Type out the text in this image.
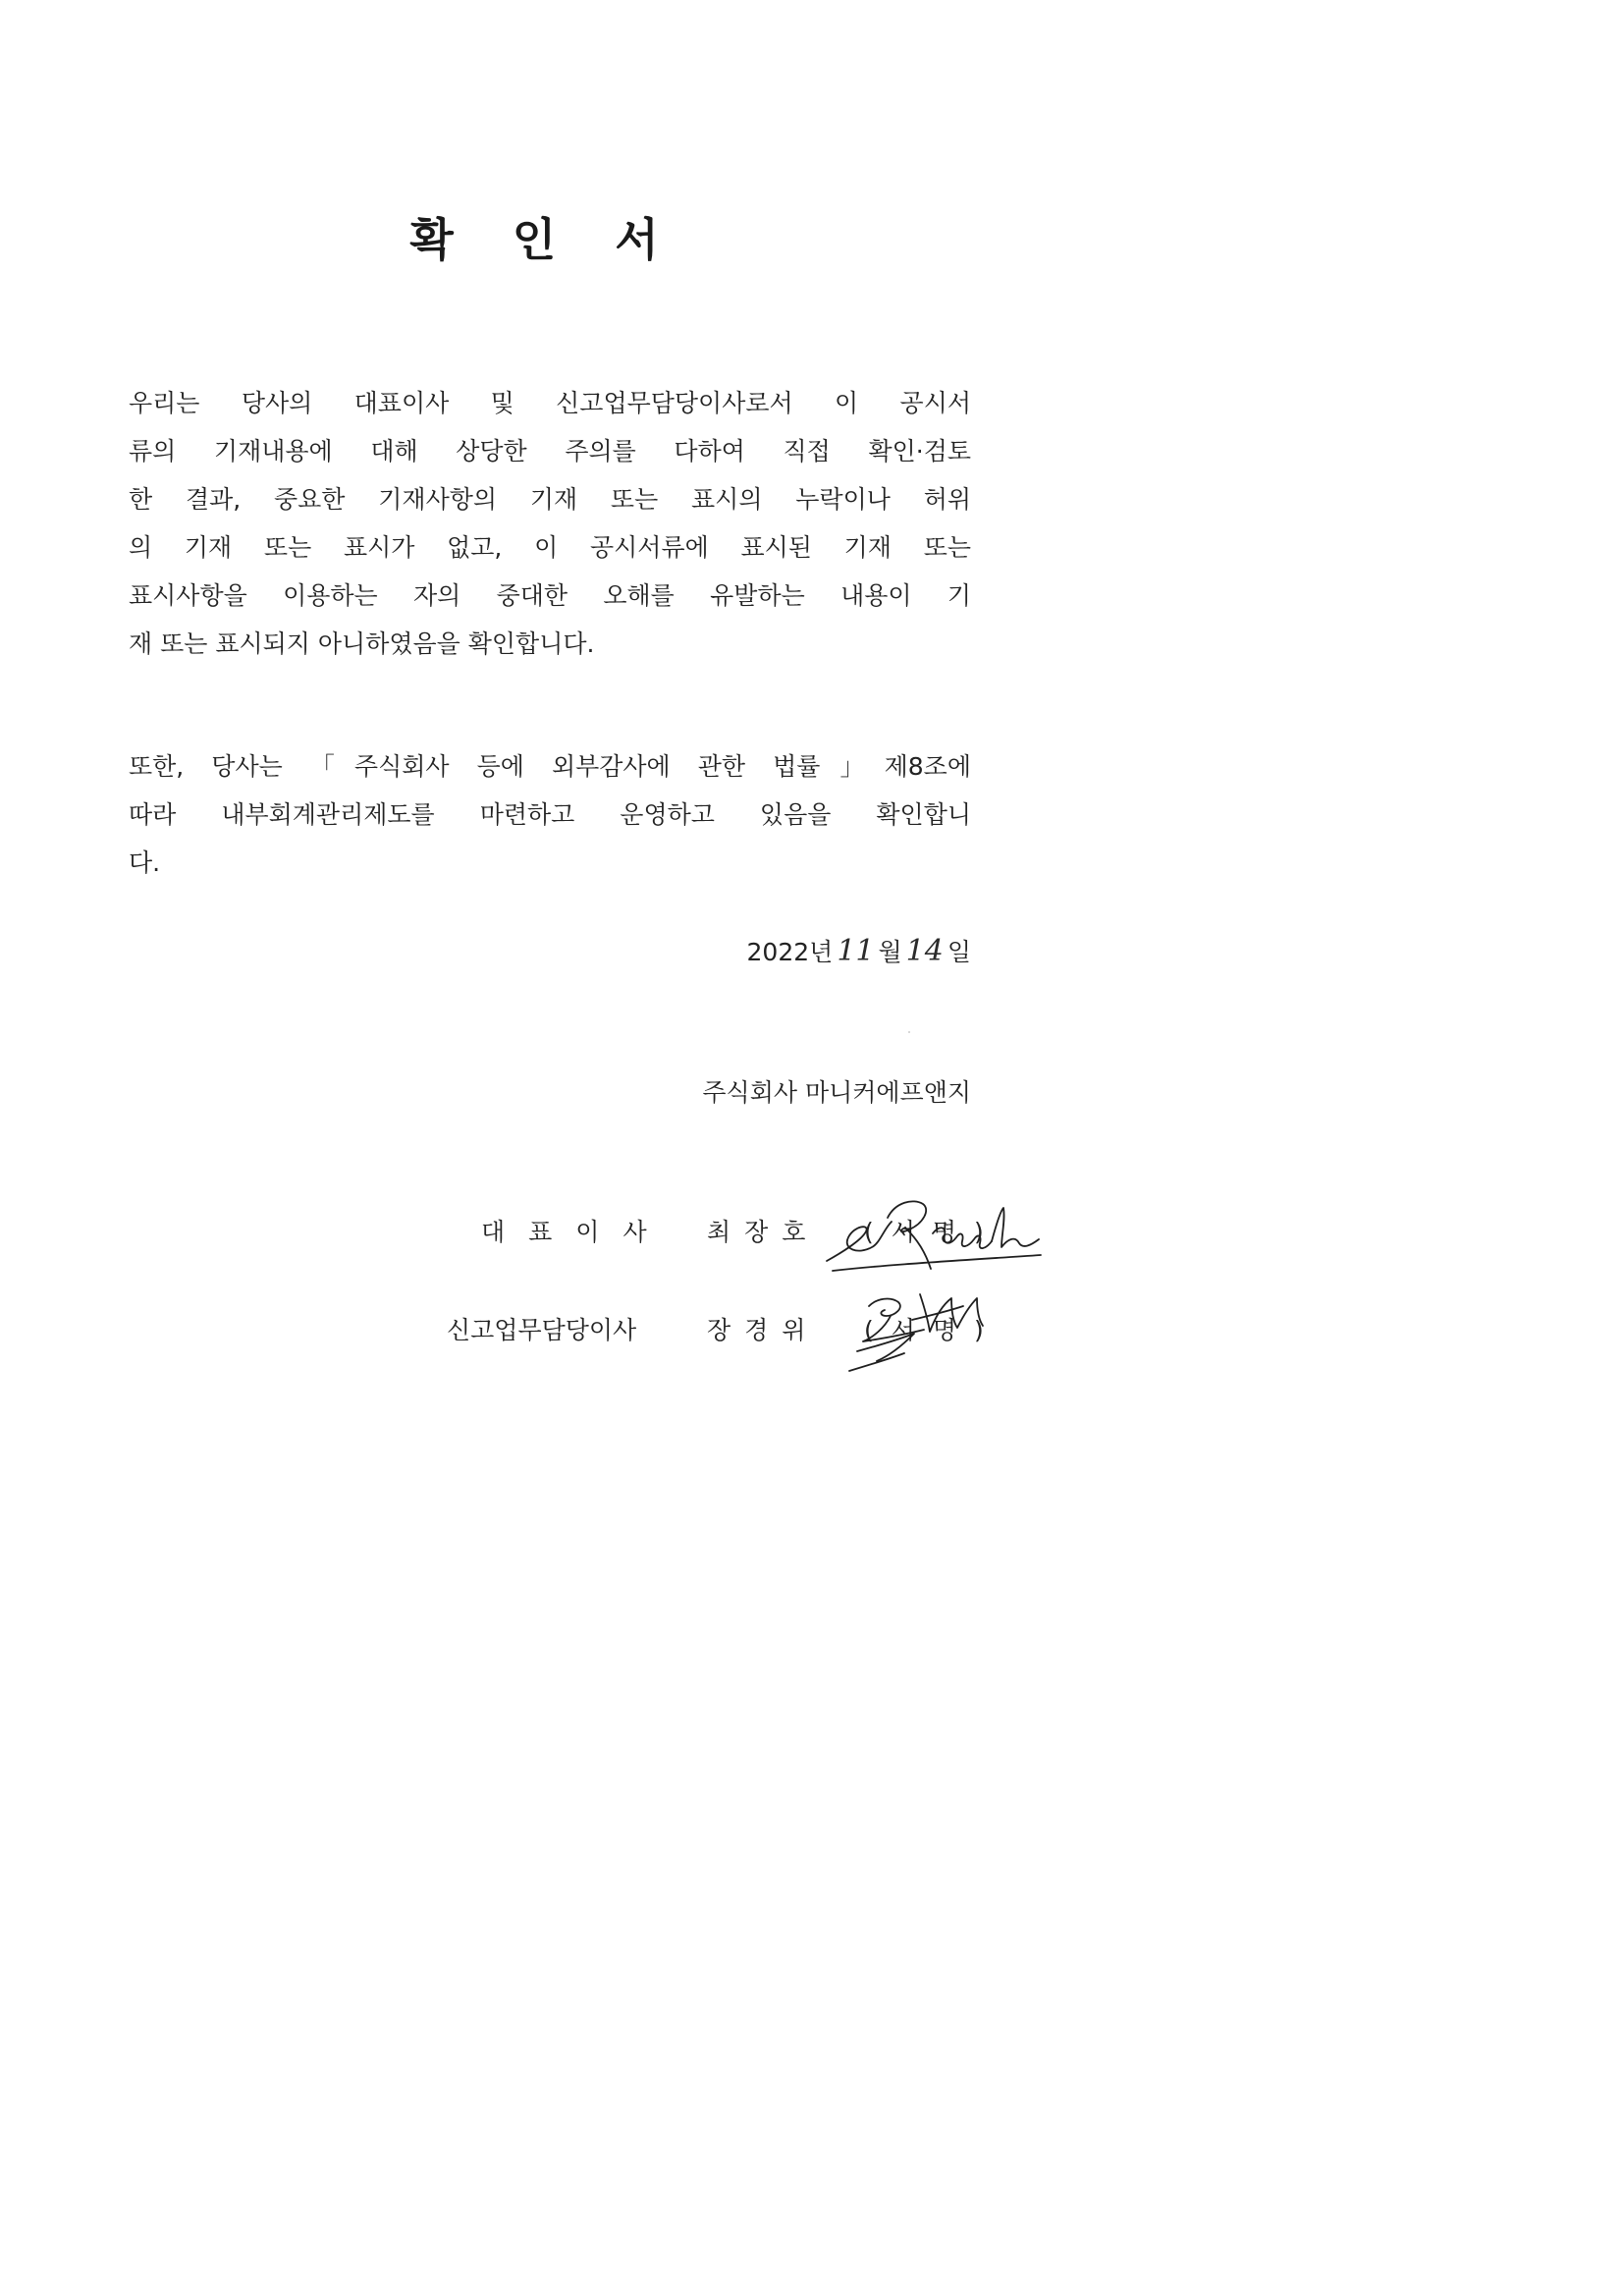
확 인 서
우리는 당사의 대표이사 및 신고업무담당이사로서 이 공시서
류의 기재내용에 대해 상당한 주의를 다하여 직접 확인·검토
한 결과, 중요한 기재사항의 기재 또는 표시의 누락이나 허위
의 기재 또는 표시가 없고, 이 공시서류에 표시된 기재 또는
표시사항을 이용하는 자의 중대한 오해를 유발하는 내용이 기
재 또는 표시되지 아니하였음을 확인합니다.
또한, 당사는 「주식회사 등에 외부감사에 관한 법률」제8조에
따라 내부회계관리제도를 마련하고 운영하고 있음을 확인합니
다.
2022년 11 월 14 일
주식회사 마니커에프앤지
대표이사 최장호 (서명)
신고업무담당이사	장경위 (서명)
